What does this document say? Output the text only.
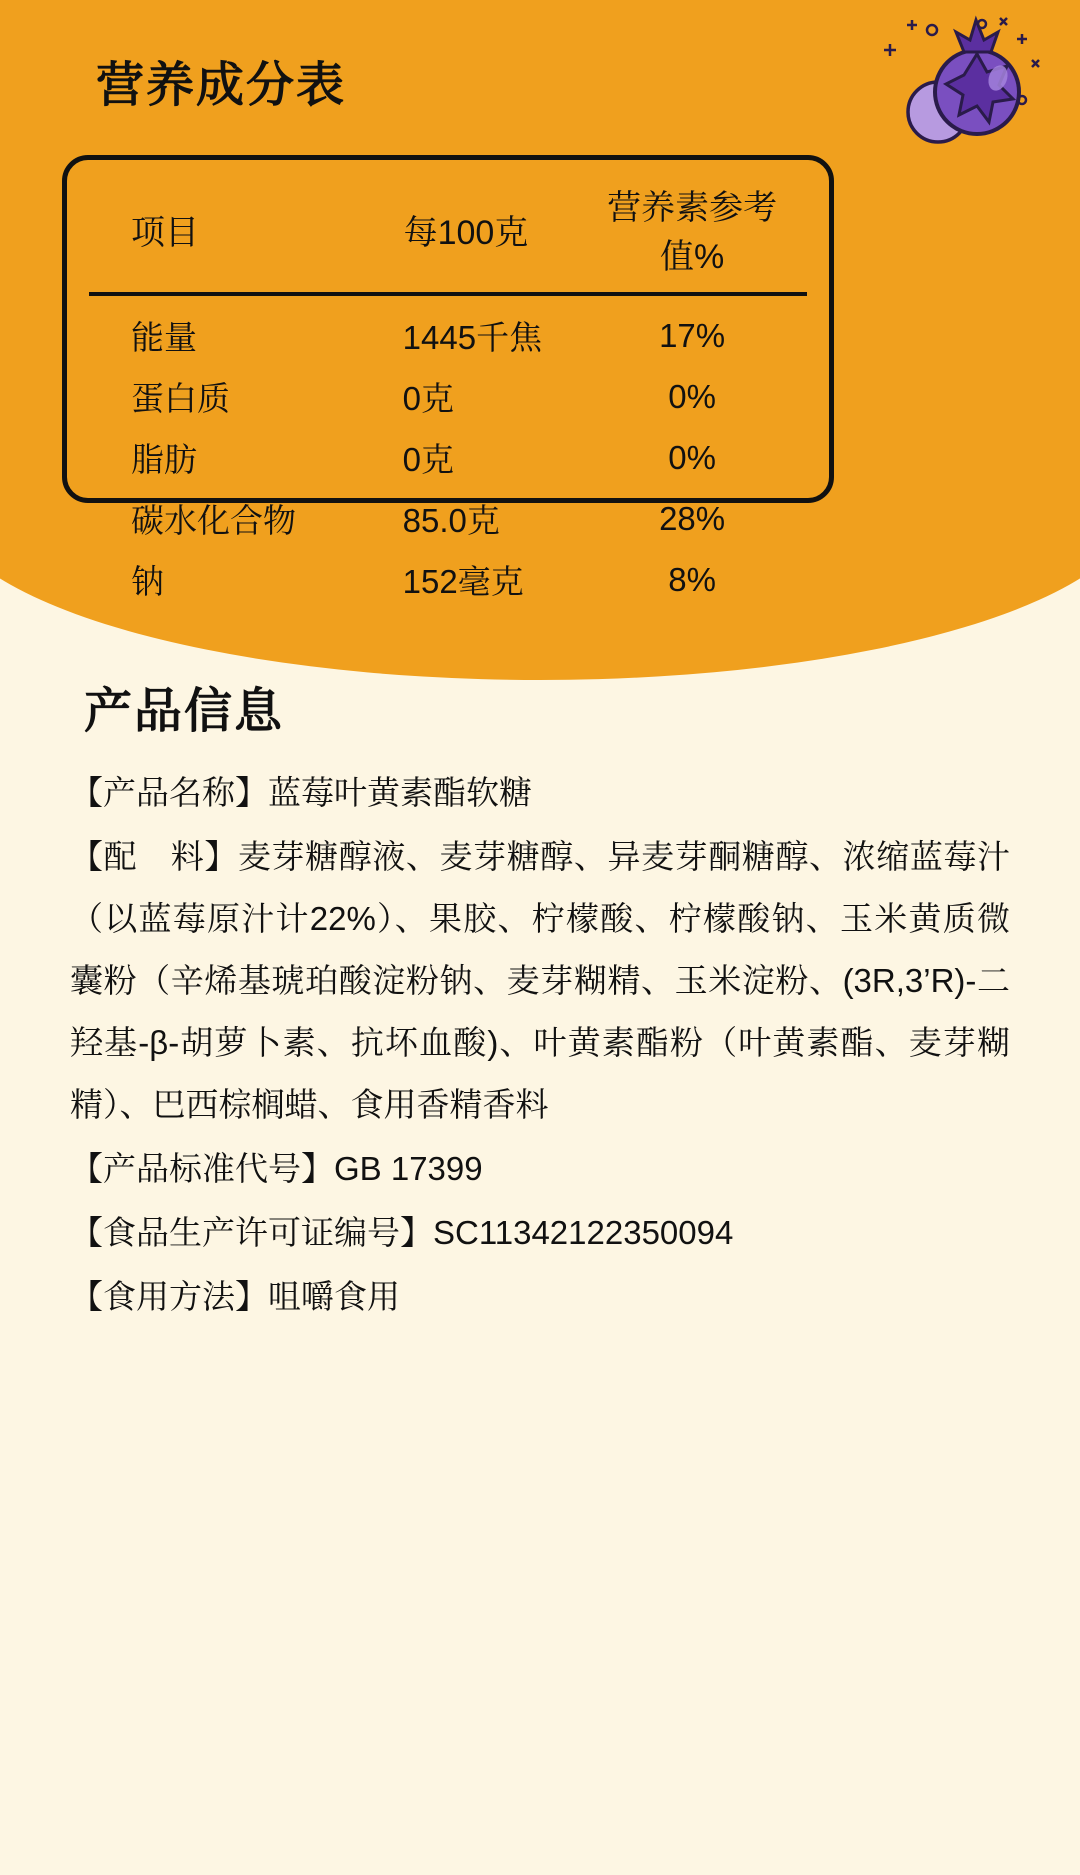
营养成分表
项目	每100克	营养素参考值%
能量	1445千焦	17%
蛋白质	0克	0%
脂肪	0克	0%
碳水化合物	85.0克	28%
钠	152毫克	8%
产品信息

【产品名称】蓝莓叶黄素酯软糖

【配　料】麦芽糖醇液、麦芽糖醇、异麦芽酮糖醇、浓缩蓝莓汁（以蓝莓原汁计22%）、果胶、柠檬酸、柠檬酸钠、玉米黄质微囊粉（辛烯基琥珀酸淀粉钠、麦芽糊精、玉米淀粉、(3R,3’R)-二羟基-β-胡萝卜素、抗坏血酸)、叶黄素酯粉（叶黄素酯、麦芽糊精）、巴西棕榈蜡、食用香精香料

【产品标准代号】GB 17399

【食品生产许可证编号】SC11342122350094

【食用方法】咀嚼食用
